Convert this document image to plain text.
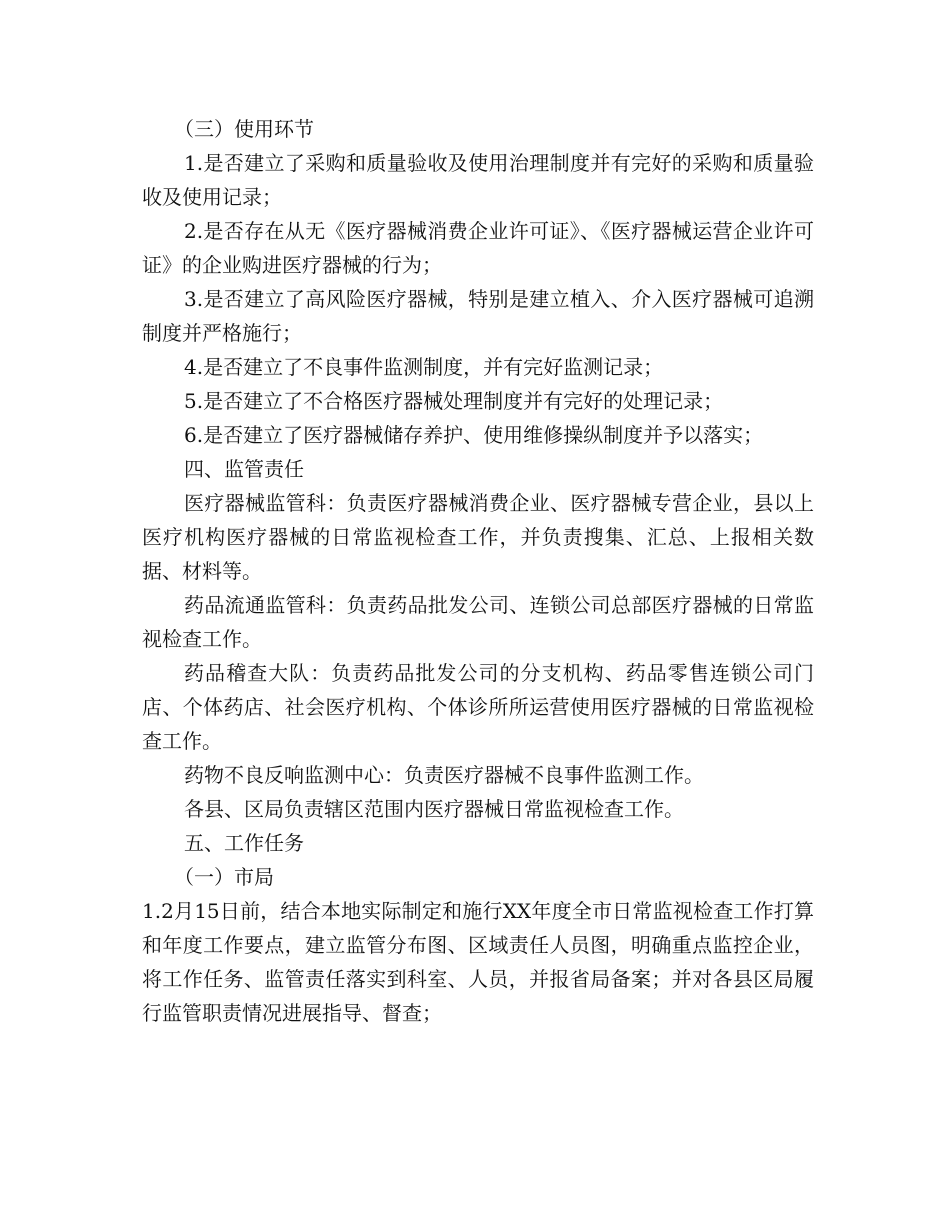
（三）使用环节

1.是否建立了采购和质量验收及使用治理制度并有完好的采购和质量验收及使用记录；

2.是否存在从无《医疗器械消费企业许可证》、《医疗器械运营企业许可证》的企业购进医疗器械的行为；

3.是否建立了高风险医疗器械，特别是建立植入、介入医疗器械可追溯制度并严格施行；

4.是否建立了不良事件监测制度，并有完好监测记录；

5.是否建立了不合格医疗器械处理制度并有完好的处理记录；

6.是否建立了医疗器械储存养护、使用维修操纵制度并予以落实；

四、监管责任

医疗器械监管科：负责医疗器械消费企业、医疗器械专营企业，县以上医疗机构医疗器械的日常监视检查工作，并负责搜集、汇总、上报相关数据、材料等。

药品流通监管科：负责药品批发公司、连锁公司总部医疗器械的日常监视检查工作。

药品稽查大队：负责药品批发公司的分支机构、药品零售连锁公司门店、个体药店、社会医疗机构、个体诊所所运营使用医疗器械的日常监视检查工作。

药物不良反响监测中心：负责医疗器械不良事件监测工作。

各县、区局负责辖区范围内医疗器械日常监视检查工作。

五、工作任务

（一）市局

1.2月15日前，结合本地实际制定和施行XX年度全市日常监视检查工作打算和年度工作要点，建立监管分布图、区域责任人员图，明确重点监控企业，将工作任务、监管责任落实到科室、人员，并报省局备案；并对各县区局履行监管职责情况进展指导、督查；
